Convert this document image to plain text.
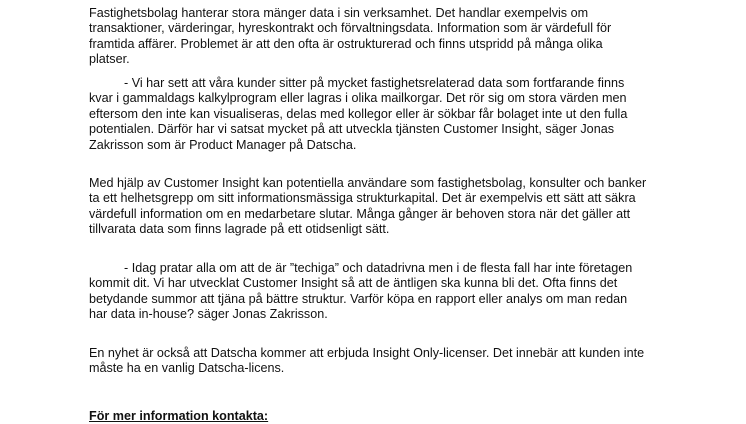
Fastighetsbolag hanterar stora mänger data i sin verksamhet. Det handlar exempelvis om
transaktioner, värderingar, hyreskontrakt och förvaltningsdata. Information som är värdefull för
framtida affärer. Problemet är att den ofta är ostrukturerad och finns utspridd på många olika
platser.
- Vi har sett att våra kunder sitter på mycket fastighetsrelaterad data som fortfarande finns
kvar i gammaldags kalkylprogram eller lagras i olika mailkorgar. Det rör sig om stora värden men
eftersom den inte kan visualiseras, delas med kollegor eller är sökbar får bolaget inte ut den fulla
potentialen. Därför har vi satsat mycket på att utveckla tjänsten Customer Insight, säger Jonas
Zakrisson som är Product Manager på Datscha.
Med hjälp av Customer Insight kan potentiella användare som fastighetsbolag, konsulter och banker
ta ett helhetsgrepp om sitt informationsmässiga strukturkapital. Det är exempelvis ett sätt att säkra
värdefull information om en medarbetare slutar. Många gånger är behoven stora när det gäller att
tillvarata data som finns lagrade på ett otidsenligt sätt.
- Idag pratar alla om att de är ”techiga” och datadrivna men i de flesta fall har inte företagen
kommit dit. Vi har utvecklat Customer Insight så att de äntligen ska kunna bli det. Ofta finns det
betydande summor att tjäna på bättre struktur. Varför köpa en rapport eller analys om man redan
har data in-house? säger Jonas Zakrisson.
En nyhet är också att Datscha kommer att erbjuda Insight Only-licenser. Det innebär att kunden inte
måste ha en vanlig Datscha-licens.
För mer information kontakta:
